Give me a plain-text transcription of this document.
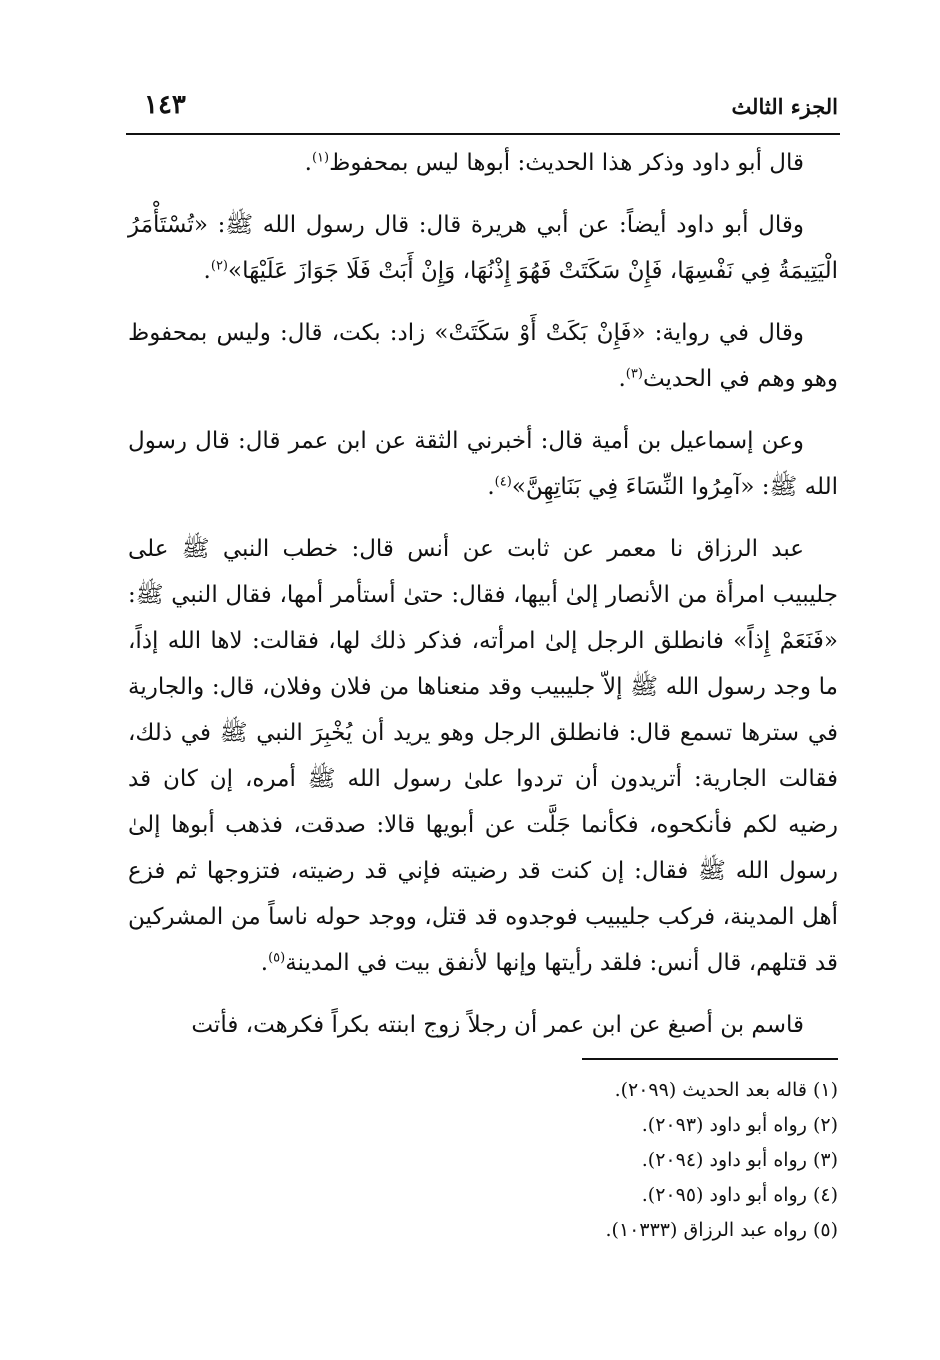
الجزء الثالث
١٤٣

قال أبو داود وذكر هذا الحديث: أبوها ليس بمحفوظ$^{(١)}$.

وقال أبو داود أيضاً: عن أبي هريرة قال: قال رسول الله ﷺ: «تُسْتَأْمَرُ الْيَتِيمَةُ فِي نَفْسِهَا، فَإِنْ سَكَتَتْ فَهُوَ إِذْنُهَا، وَإِنْ أَبَتْ فَلَا جَوَازَ عَلَيْهَا»$^{(٢)}$.

وقال في رواية: «فَإِنْ بَكَتْ أَوْ سَكَتَتْ» زاد: بكت، قال: وليس بمحفوظ وهو وهم في الحديث$^{(٣)}$.

وعن إسماعيل بن أمية قال: أخبرني الثقة عن ابن عمر قال: قال رسول الله ﷺ: «آمِرُوا النِّسَاءَ فِي بَنَاتِهِنَّ»$^{(٤)}$.

عبد الرزاق نا معمر عن ثابت عن أنس قال: خطب النبي ﷺ على جليبيب امرأة من الأنصار إلىٰ أبيها، فقال: حتىٰ أستأمر أمها، فقال النبي ﷺ: «فَنَعَمْ إِذاً» فانطلق الرجل إلىٰ امرأته، فذكر ذلك لها، فقالت: لاها الله إذاً، ما وجد رسول الله ﷺ إلاّ جليبيب وقد منعناها من فلان وفلان، قال: والجارية في سترها تسمع قال: فانطلق الرجل وهو يريد أن يُخْبِرَ النبي ﷺ في ذلك، فقالت الجارية: أتريدون أن تردوا علىٰ رسول الله ﷺ أمره، إن كان قد رضيه لكم فأنكحوه، فكأنما جَلَّت عن أبويها قالا: صدقت، فذهب أبوها إلىٰ رسول الله ﷺ فقال: إن كنت قد رضيته فإني قد رضيته، فتزوجها ثم فزع أهل المدينة، فركب جليبيب فوجدوه قد قتل، ووجد حوله ناساً من المشركين قد قتلهم، قال أنس: فلقد رأيتها وإنها لأنفق بيت في المدينة$^{(٥)}$.

قاسم بن أصبغ عن ابن عمر أن رجلاً زوج ابنته بكراً فكرهت، فأتت

(١) قاله بعد الحديث (٢٠٩٩).
(٢) رواه أبو داود (٢٠٩٣).
(٣) رواه أبو داود (٢٠٩٤).
(٤) رواه أبو داود (٢٠٩٥).
(٥) رواه عبد الرزاق (١٠٣٣٣).
